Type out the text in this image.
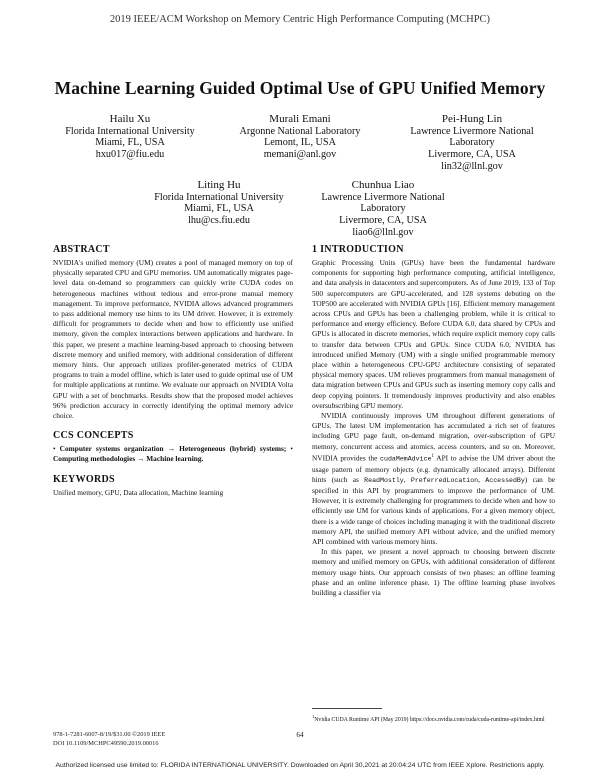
2019 IEEE/ACM Workshop on Memory Centric High Performance Computing (MCHPC)
Machine Learning Guided Optimal Use of GPU Unified Memory
Hailu Xu
Florida International University
Miami, FL, USA
hxu017@fiu.edu
Murali Emani
Argonne National Laboratory
Lemont, IL, USA
memani@anl.gov
Pei-Hung Lin
Lawrence Livermore National
Laboratory
Livermore, CA, USA
lin32@llnl.gov
Liting Hu
Florida International University
Miami, FL, USA
lhu@cs.fiu.edu
Chunhua Liao
Lawrence Livermore National
Laboratory
Livermore, CA, USA
liao6@llnl.gov
ABSTRACT

NVIDIA's unified memory (UM) creates a pool of managed memory on top of physically separated CPU and GPU memories. UM automatically migrates page-level data on-demand so programmers can quickly write CUDA codes on heterogeneous machines without tedious and error-prone manual memory management. To improve performance, NVIDIA allows advanced programmers to pass additional memory use hints to its UM driver. However, it is extremely difficult for programmers to decide when and how to efficiently use unified memory, given the complex interactions between applications and hardware. In this paper, we present a machine learning-based approach to choosing between discrete memory and unified memory, with additional consideration of different memory hints. Our approach utilizes profiler-generated metrics of CUDA programs to train a model offline, which is later used to guide optimal use of UM for multiple applications at runtime. We evaluate our approach on NVIDIA Volta GPU with a set of benchmarks. Results show that the proposed model achieves 96% prediction accuracy in correctly identifying the optimal memory advice choice.

CCS CONCEPTS
• Computer systems organization → Heterogeneous (hybrid) systems; • Computing methodologies → Machine learning.
KEYWORDS
Unified memory, GPU, Data allocation, Machine learning
1 INTRODUCTION

Graphic Processing Units (GPUs) have been the fundamental hardware components for supporting high performance computing, artificial intelligence, and data analysis in datacenters and supercomputers. As of June 2019, 133 of Top 500 supercomputers are GPU-accelerated, and 128 systems debuting on the TOP500 are accelerated with NVIDIA GPUs [16]. Efficient memory management across CPUs and GPUs has been a challenging problem, while it is critical to performance and energy efficiency. Before CUDA 6.0, data shared by CPUs and GPUs is allocated in discrete memories, which require explicit memory copy calls to transfer data between CPUs and GPUs. Since CUDA 6.0, NVIDIA has introduced unified Memory (UM) with a single unified programmable memory place within a heterogeneous CPU-GPU architecture consisting of separated physical memory spaces. UM relieves programmers from manual management of data migration between CPUs and GPUs such as inserting memory copy calls and deep copying pointers. It tremendously improves productivity and also enables oversubscribing GPU memory.

NVIDIA continuously improves UM throughout different generations of GPUs. The latest UM implementation has accumulated a rich set of features including GPU page fault, on-demand migration, over-subscription of GPU memory, concurrent access and atomics, access counters, and so on. Moreover, NVIDIA provides the cudaMemAdvice$^1$ API to advise the UM driver about the usage pattern of memory objects (e.g. dynamically allocated arrays). Different hints (such as ReadMostly, PreferredLocation, AccessedBy) can be specified in this API by programmers to improve the performance of UM. However, it is extremely challenging for programmers to decide when and how to efficiently use UM for various kinds of applications. For a given memory object, there is a wide range of choices including managing it with the traditional discrete memory API, the unified memory API without advice, and the unified memory API combined with various memory hints.

In this paper, we present a novel approach to choosing between discrete memory and unified memory on GPUs, with additional consideration of different memory usage hints. Our approach consists of two phases: an offline learning phase and an online inference phase. 1) The offline learning phase involves building a classifier via

$^1$Nvidia CUDA Runtime API (May 2019) https://docs.nvidia.com/cuda/cuda-runtime-api/index.html
978-1-7281-6007-8/19/$31.00 ©2019 IEEE
DOI 10.1109/MCHPC49590.2019.00016
64
Authorized licensed use limited to: FLORIDA INTERNATIONAL UNIVERSITY. Downloaded on April 30,2021 at 20:04:24 UTC from IEEE Xplore. Restrictions apply.
